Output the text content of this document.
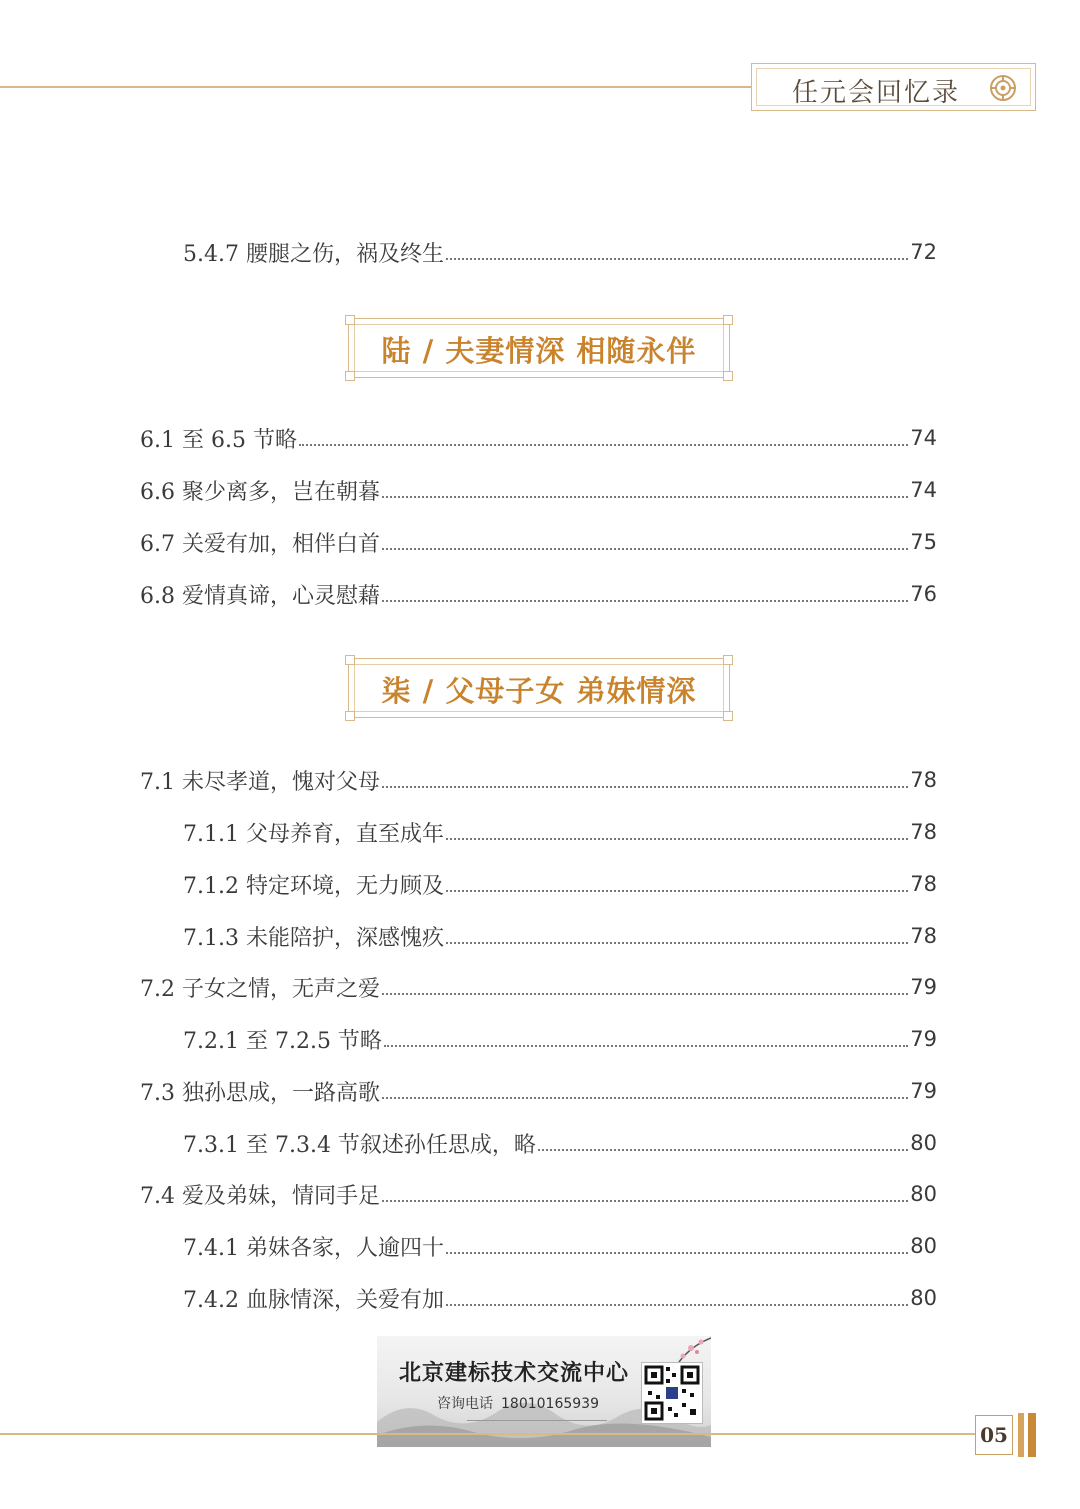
任元会回忆录
5.4.7 腰腿之伤，祸及终生	72
陆 / 夫妻情深 相随永伴
6.1 至 6.5 节略	74
6.6 聚少离多，岂在朝暮	74
6.7 关爱有加，相伴白首	75
6.8 爱情真谛，心灵慰藉	76
柒 / 父母子女 弟妹情深
7.1 未尽孝道，愧对父母	78
7.1.1 父母养育，直至成年	78
7.1.2 特定环境，无力顾及	78
7.1.3 未能陪护，深感愧疚	78
7.2 子女之情，无声之爱	79
7.2.1 至 7.2.5 节略	79
7.3 独孙思成，一路高歌	79
7.3.1 至 7.3.4 节叙述孙任思成，略	80
7.4 爱及弟妹，情同手足	80
7.4.1 弟妹各家，人逾四十	80
7.4.2 血脉情深，关爱有加	80
北京建标技术交流中心
咨询电话 18010165939
05
